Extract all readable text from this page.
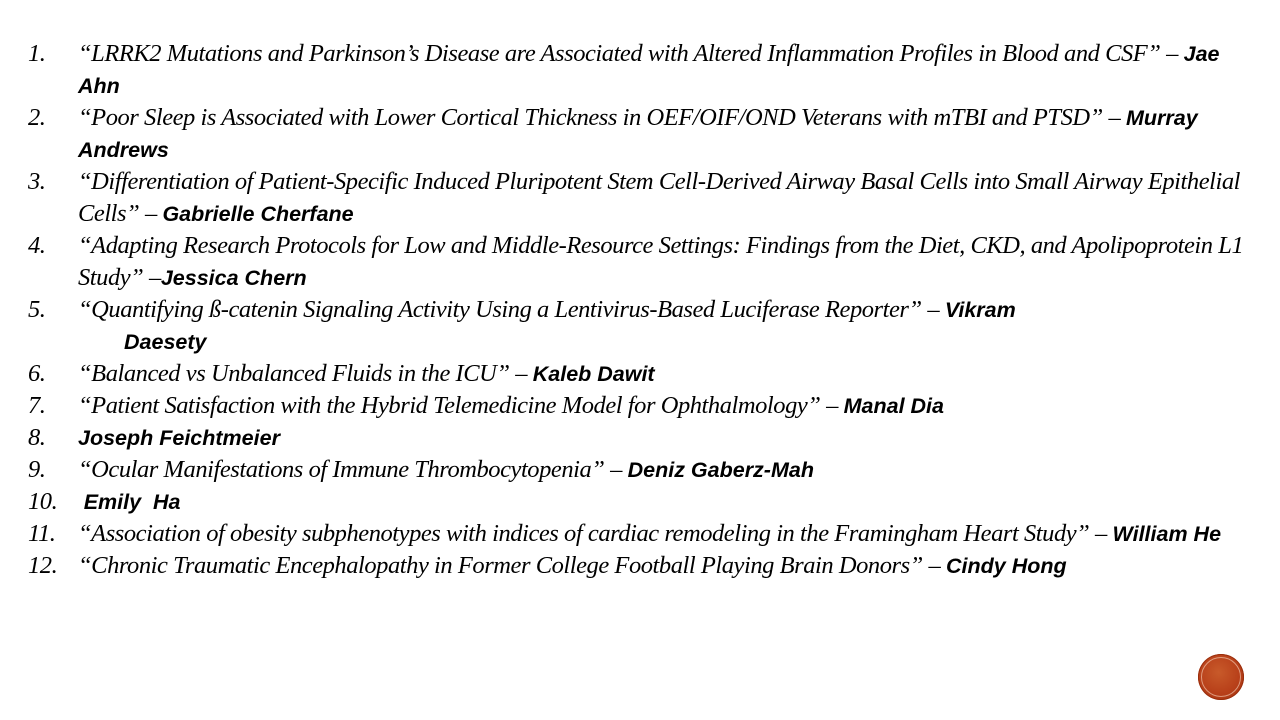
1.	“LRRK2 Mutations and Parkinson’s Disease are Associated with Altered Inflammation Profiles in Blood and CSF” – Jae Ahn
2.	“Poor Sleep is Associated with Lower Cortical Thickness in OEF/OIF/OND Veterans with mTBI and PTSD” – Murray Andrews
3.	“Differentiation of Patient-Specific Induced Pluripotent Stem Cell-Derived Airway Basal Cells into Small Airway Epithelial Cells” – Gabrielle Cherfane
4.	“Adapting Research Protocols for Low and Middle-Resource Settings: Findings from the Diet, CKD, and Apolipoprotein L1 Study” –Jessica Chern
5.	“Quantifying ß-catenin Signaling Activity Using a Lentivirus-Based Luciferase Reporter” – Vikram
Daesety
6.	“Balanced vs Unbalanced Fluids in the ICU” – Kaleb Dawit
7.	“Patient Satisfaction with the Hybrid Telemedicine Model for Ophthalmology” – Manal Dia
8.	Joseph Feichtmeier
9.	“Ocular Manifestations of Immune Thrombocytopenia” – Deniz Gaberz-Mah
10.	Emily  Ha
11. “Association of obesity subphenotypes with indices of cardiac remodeling in the Framingham Heart Study” – William He
12. “Chronic Traumatic Encephalopathy in Former College Football Playing Brain Donors” – Cindy Hong
